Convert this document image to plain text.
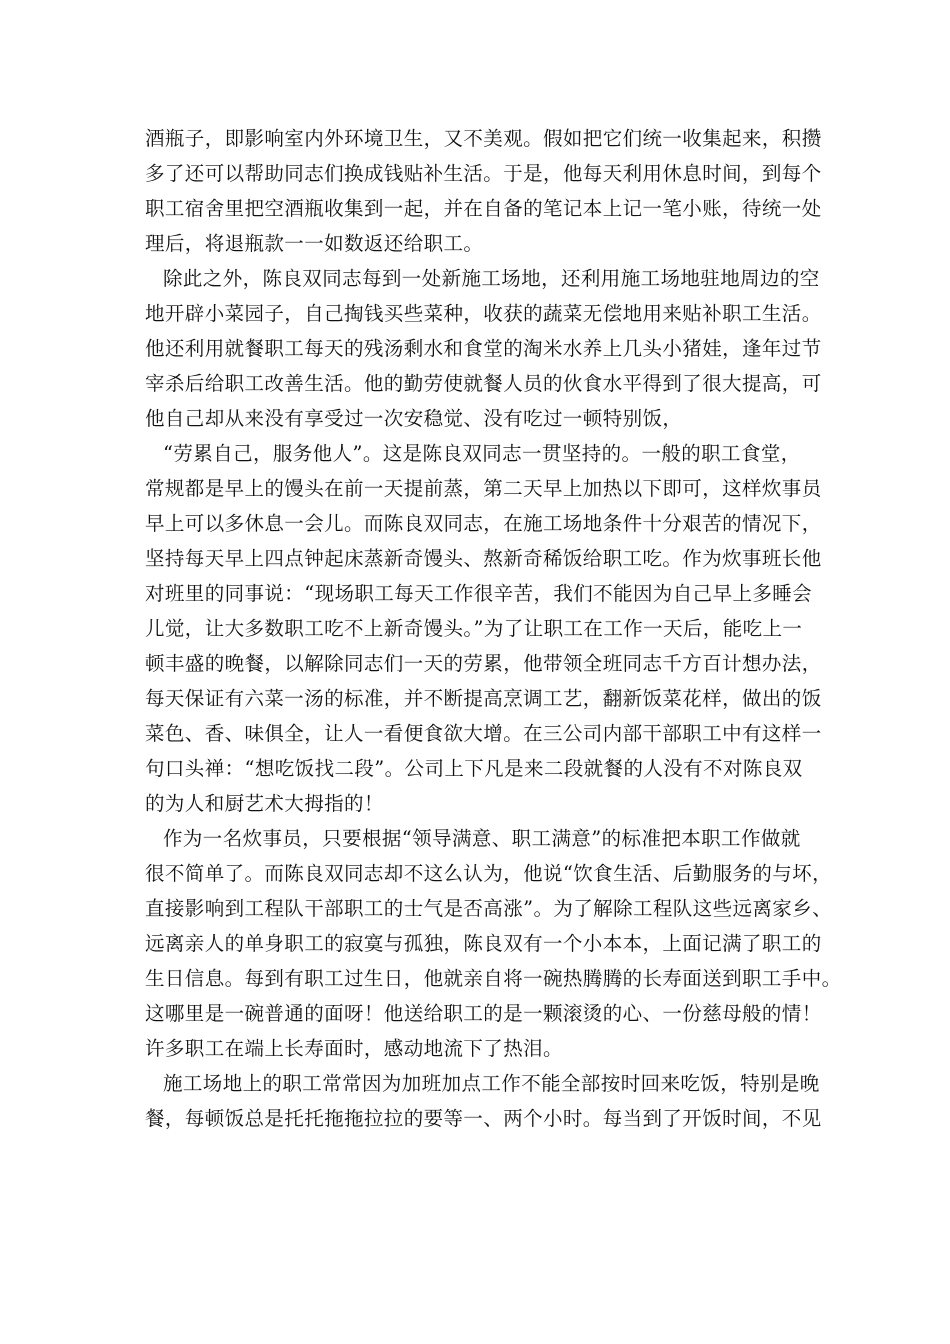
酒瓶子，即影响室内外环境卫生，又不美观。假如把它们统一收集起来，积攒
多了还可以帮助同志们换成钱贴补生活。于是，他每天利用休息时间，到每个
职工宿舍里把空酒瓶收集到一起，并在自备的笔记本上记一笔小账，待统一处
理后，将退瓶款一一如数返还给职工。
除此之外，陈良双同志每到一处新施工场地，还利用施工场地驻地周边的空
地开辟小菜园子，自己掏钱买些菜种，收获的蔬菜无偿地用来贴补职工生活。
他还利用就餐职工每天的残汤剩水和食堂的淘米水养上几头小猪娃，逢年过节
宰杀后给职工改善生活。他的勤劳使就餐人员的伙食水平得到了很大提高，可
他自己却从来没有享受过一次安稳觉、没有吃过一顿特别饭，
“劳累自己，服务他人”。这是陈良双同志一贯坚持的。一般的职工食堂，
常规都是早上的馒头在前一天提前蒸，第二天早上加热以下即可，这样炊事员
早上可以多休息一会儿。而陈良双同志，在施工场地条件十分艰苦的情况下，
坚持每天早上四点钟起床蒸新奇馒头、熬新奇稀饭给职工吃。作为炊事班长他
对班里的同事说：“现场职工每天工作很辛苦，我们不能因为自己早上多睡会
儿觉，让大多数职工吃不上新奇馒头。”为了让职工在工作一天后，能吃上一
顿丰盛的晚餐，以解除同志们一天的劳累，他带领全班同志千方百计想办法，
每天保证有六菜一汤的标准，并不断提高烹调工艺，翻新饭菜花样，做出的饭
菜色、香、味俱全，让人一看便食欲大增。在三公司内部干部职工中有这样一
句口头禅：“想吃饭找二段”。公司上下凡是来二段就餐的人没有不对陈良双
的为人和厨艺术大拇指的！
作为一名炊事员，只要根据“领导满意、职工满意”的标准把本职工作做就
很不简单了。而陈良双同志却不这么认为，他说“饮食生活、后勤服务的与坏，
直接影响到工程队干部职工的士气是否高涨”。为了解除工程队这些远离家乡、
远离亲人的单身职工的寂寞与孤独，陈良双有一个小本本，上面记满了职工的
生日信息。每到有职工过生日，他就亲自将一碗热腾腾的长寿面送到职工手中。
这哪里是一碗普通的面呀！他送给职工的是一颗滚烫的心、一份慈母般的情！
许多职工在端上长寿面时，感动地流下了热泪。
施工场地上的职工常常因为加班加点工作不能全部按时回来吃饭，特别是晚
餐，每顿饭总是托托拖拖拉拉的要等一、两个小时。每当到了开饭时间，不见
